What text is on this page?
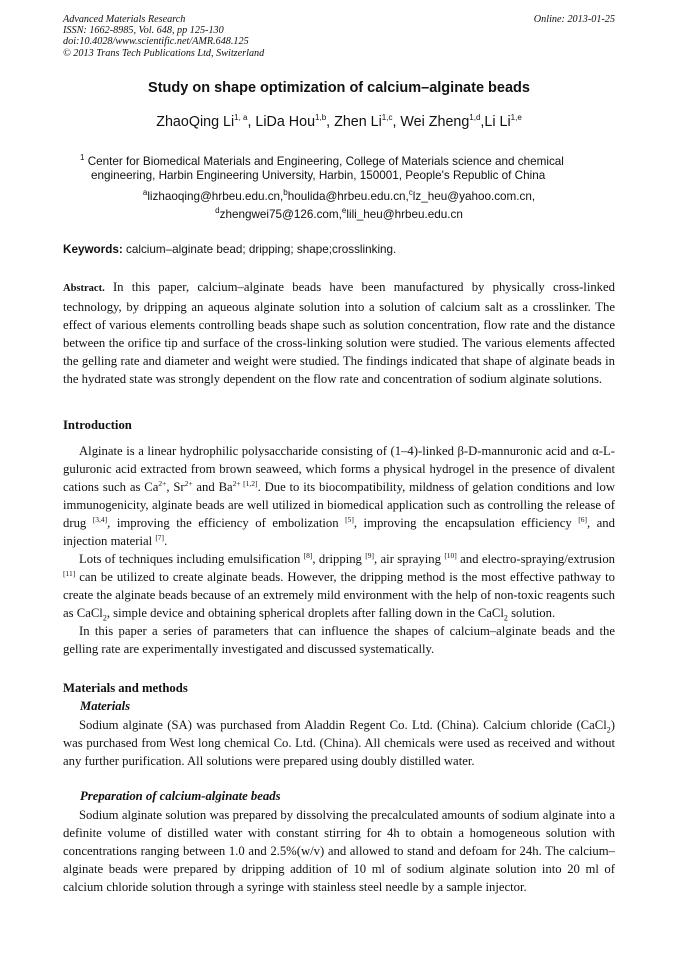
Advanced Materials Research
ISSN: 1662-8985, Vol. 648, pp 125-130
doi:10.4028/www.scientific.net/AMR.648.125
© 2013 Trans Tech Publications Ltd, Switzerland
Online: 2013-01-25
Study on shape optimization of calcium–alginate beads
ZhaoQing Li$^{1, a}$, LiDa Hou$^{1,b}$, Zhen Li$^{1,c}$, Wei Zheng$^{1,d}$,Li Li$^{1,e}$
$^1$ Center for Biomedical Materials and Engineering, College of Materials science and chemical
engineering, Harbin Engineering University, Harbin, 150001, People's Republic of China
$^a$lizhaoqing@hrbeu.edu.cn,$^b$houlida@hrbeu.edu.cn,$^c$lz_heu@yahoo.com.cn,
$^d$zhengwei75@126.com,$^e$lili_heu@hrbeu.edu.cn
Keywords: calcium–alginate bead; dripping; shape;crosslinking.

Abstract. In this paper, calcium–alginate beads have been manufactured by physically cross-linked technology, by dripping an aqueous alginate solution into a solution of calcium salt as a crosslinker. The effect of various elements controlling beads shape such as solution concentration, flow rate and the distance between the orifice tip and surface of the cross-linking solution were studied. The various elements affected the gelling rate and diameter and weight were studied. The findings indicated that shape of alginate beads in the hydrated state was strongly dependent on the flow rate and concentration of sodium alginate solutions.

Introduction

Alginate is a linear hydrophilic polysaccharide consisting of (1–4)-linked β-D-mannuronic acid and α-L-guluronic acid extracted from brown seaweed, which forms a physical hydrogel in the presence of divalent cations such as $Ca^{2+}$, $Sr^{2+}$ and $Ba^{2+ [1,2]}$. Due to its biocompatibility, mildness of gelation conditions and low immunogenicity, alginate beads are well utilized in biomedical application such as controlling the release of drug [3,4], improving the efficiency of embolization [5], improving the encapsulation efficiency [6], and injection material [7].

Lots of techniques including emulsification [8], dripping [9], air spraying [10] and electro-spraying/extrusion [11] can be utilized to create alginate beads. However, the dripping method is the most effective pathway to create the alginate beads because of an extremely mild environment with the help of non-toxic reagents such as CaCl$_2$, simple device and obtaining spherical droplets after falling down in the CaCl$_2$ solution.

In this paper a series of parameters that can influence the shapes of calcium–alginate beads and the gelling rate are experimentally investigated and discussed systematically.

Materials and methods
Materials

Sodium alginate (SA) was purchased from Aladdin Regent Co. Ltd. (China). Calcium chloride (CaCl$_2$) was purchased from West long chemical Co. Ltd. (China). All chemicals were used as received and without any further purification. All solutions were prepared using doubly distilled water.

Preparation of calcium-alginate beads

Sodium alginate solution was prepared by dissolving the precalculated amounts of sodium alginate into a definite volume of distilled water with constant stirring for 4h to obtain a homogeneous solution with concentrations ranging between 1.0 and 2.5%(w/v) and allowed to stand and defoam for 24h. The calcium–alginate beads were prepared by dripping addition of 10 ml of sodium alginate solution into 20 ml of calcium chloride solution through a syringe with stainless steel needle by a sample injector.
